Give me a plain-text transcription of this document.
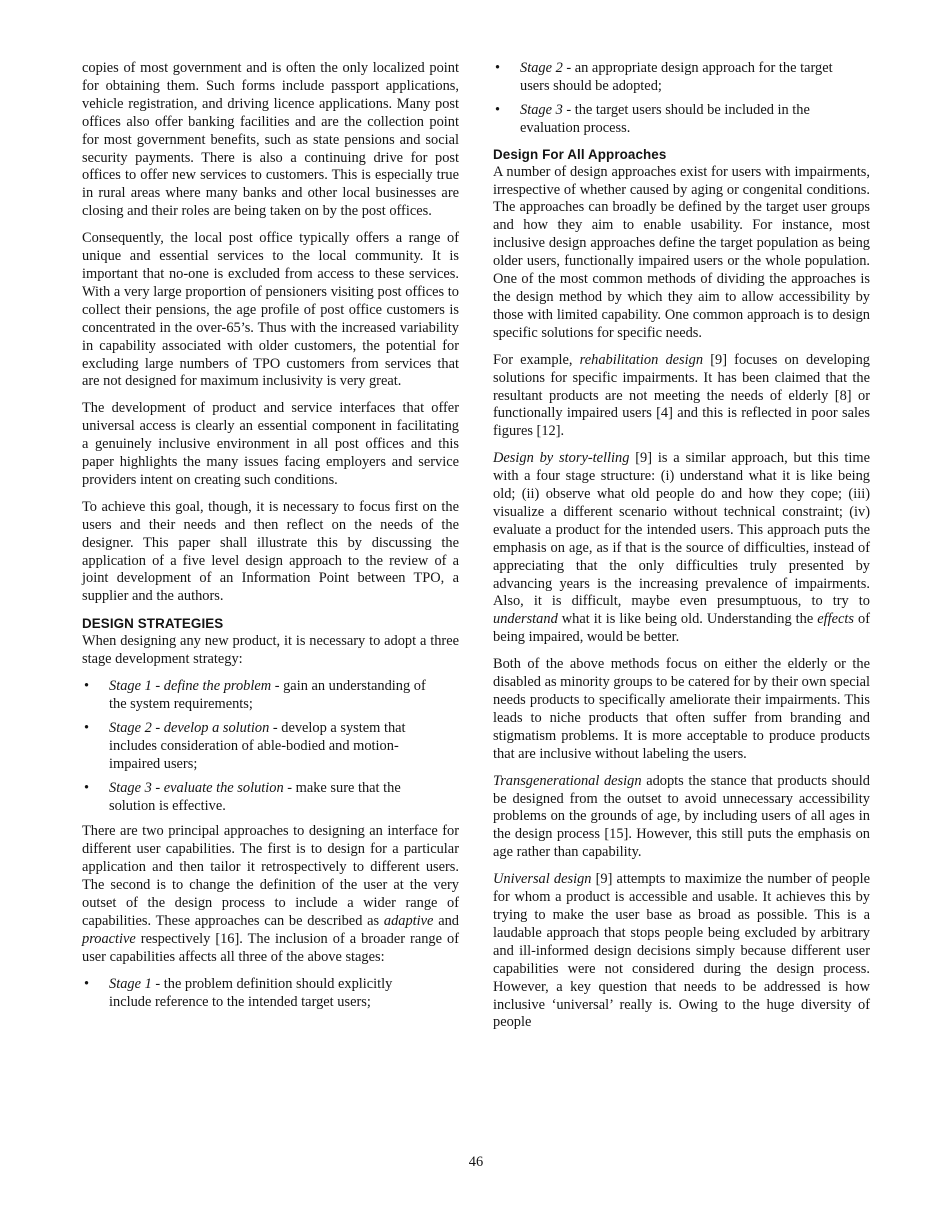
copies of most government and is often the only localized point for obtaining them. Such forms include passport applications, vehicle registration, and driving licence applications. Many post offices also offer banking facilities and are the collection point for most government benefits, such as state pensions and social security payments. There is also a continuing drive for post offices to offer new services to customers. This is especially true in rural areas where many banks and other local businesses are closing and their roles are being taken on by the post offices.

Consequently, the local post office typically offers a range of unique and essential services to the local community. It is important that no-one is excluded from access to these services. With a very large proportion of pensioners visiting post offices to collect their pensions, the age profile of post office customers is concentrated in the over-65’s. Thus with the increased variability in capability associated with older customers, the potential for excluding large numbers of TPO customers from services that are not designed for maximum inclusivity is very great.

The development of product and service interfaces that offer universal access is clearly an essential component in facilitating a genuinely inclusive environment in all post offices and this paper highlights the many issues facing employers and service providers intent on creating such conditions.

To achieve this goal, though, it is necessary to focus first on the users and their needs and then reflect on the needs of the designer. This paper shall illustrate this by discussing the application of a five level design approach to the review of a joint development of an Information Point between TPO, a supplier and the authors.

DESIGN STRATEGIES

When designing any new product, it is necessary to adopt a three stage development strategy:

• Stage 1 - define the problem - gain an understanding of the system requirements;
• Stage 2 - develop a solution - develop a system that includes consideration of able-bodied and motion-impaired users;
• Stage 3 - evaluate the solution - make sure that the solution is effective.

There are two principal approaches to designing an interface for different user capabilities. The first is to design for a particular application and then tailor it retrospectively to different users. The second is to change the definition of the user at the very outset of the design process to include a wider range of capabilities. These approaches can be described as adaptive and proactive respectively [16]. The inclusion of a broader range of user capabilities affects all three of the above stages:

• Stage 1 - the problem definition should explicitly include reference to the intended target users;
• Stage 2 - an appropriate design approach for the target users should be adopted;
• Stage 3 - the target users should be included in the evaluation process.
Design For All Approaches

A number of design approaches exist for users with impairments, irrespective of whether caused by aging or congenital conditions. The approaches can broadly be defined by the target user groups and how they aim to enable usability. For instance, most inclusive design approaches define the target population as being older users, functionally impaired users or the whole population. One of the most common methods of dividing the approaches is the design method by which they aim to allow accessibility by those with limited capability. One common approach is to design specific solutions for specific needs.

For example, rehabilitation design [9] focuses on developing solutions for specific impairments. It has been claimed that the resultant products are not meeting the needs of elderly [8] or functionally impaired users [4] and this is reflected in poor sales figures [12].

Design by story-telling [9] is a similar approach, but this time with a four stage structure: (i) understand what it is like being old; (ii) observe what old people do and how they cope; (iii) visualize a different scenario without technical constraint; (iv) evaluate a product for the intended users. This approach puts the emphasis on age, as if that is the source of difficulties, instead of appreciating that the only difficulties truly presented by advancing years is the increasing prevalence of impairments. Also, it is difficult, maybe even presumptuous, to try to understand what it is like being old. Understanding the effects of being impaired, would be better.

Both of the above methods focus on either the elderly or the disabled as minority groups to be catered for by their own special needs products to specifically ameliorate their impairments. This leads to niche products that often suffer from branding and stigmatism problems. It is more acceptable to produce products that are inclusive without labeling the users.

Transgenerational design adopts the stance that products should be designed from the outset to avoid unnecessary accessibility problems on the grounds of age, by including users of all ages in the design process [15]. However, this still puts the emphasis on age rather than capability.

Universal design [9] attempts to maximize the number of people for whom a product is accessible and usable. It achieves this by trying to make the user base as broad as possible. This is a laudable approach that stops people being excluded by arbitrary and ill-informed design decisions simply because different user capabilities were not considered during the design process. However, a key question that needs to be addressed is how inclusive ‘universal’ really is. Owing to the huge diversity of people

46
